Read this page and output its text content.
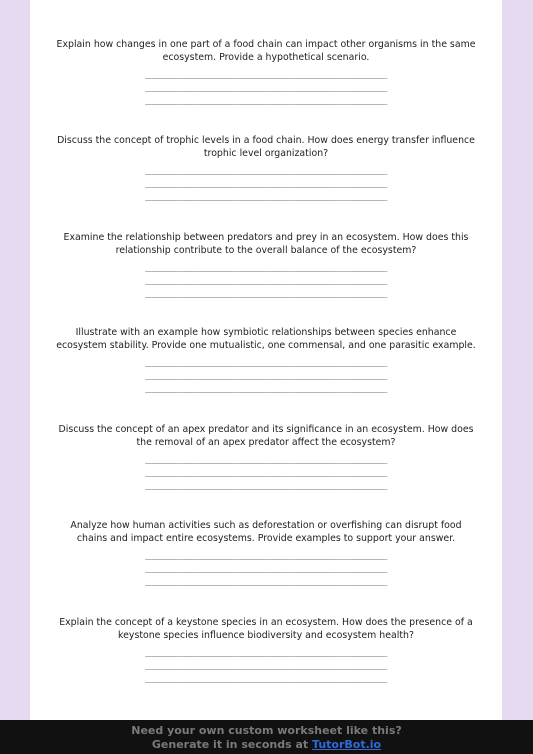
Explain how changes in one part of a food chain can impact other organisms in the same ecosystem. Provide a hypothetical scenario.
________________________________________________________
________________________________________________________
________________________________________________________
Discuss the concept of trophic levels in a food chain. How does energy transfer influence trophic level organization?
________________________________________________________
________________________________________________________
________________________________________________________
Examine the relationship between predators and prey in an ecosystem. How does this relationship contribute to the overall balance of the ecosystem?
________________________________________________________
________________________________________________________
________________________________________________________
Illustrate with an example how symbiotic relationships between species enhance ecosystem stability. Provide one mutualistic, one commensal, and one parasitic example.
________________________________________________________
________________________________________________________
________________________________________________________
Discuss the concept of an apex predator and its significance in an ecosystem. How does the removal of an apex predator affect the ecosystem?
________________________________________________________
________________________________________________________
________________________________________________________
Analyze how human activities such as deforestation or overfishing can disrupt food chains and impact entire ecosystems. Provide examples to support your answer.
________________________________________________________
________________________________________________________
________________________________________________________
Explain the concept of a keystone species in an ecosystem. How does the presence of a keystone species influence biodiversity and ecosystem health?
________________________________________________________
________________________________________________________
________________________________________________________
Need your own custom worksheet like this?
Generate it in seconds at TutorBot.io
